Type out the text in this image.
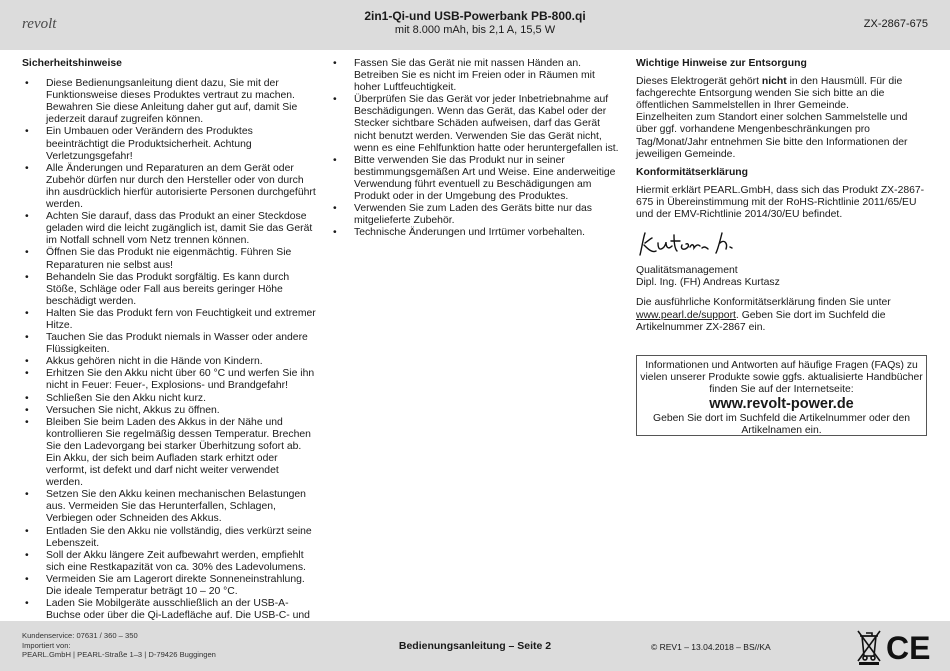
revolt	2in1-Qi-und USB-Powerbank PB-800.qi
mit 8.000 mAh, bis 2,1 A, 15,5 W	ZX-2867-675
Sicherheitshinweise
• Diese Bedienungsanleitung dient dazu, Sie mit der Funktionsweise dieses Produktes vertraut zu machen. Bewahren Sie diese Anleitung daher gut auf, damit Sie jederzeit darauf zugreifen können.
• Ein Umbauen oder Verändern des Produktes beeinträchtigt die Produktsicherheit. Achtung Verletzungsgefahr!
• Alle Änderungen und Reparaturen an dem Gerät oder Zubehör dürfen nur durch den Hersteller oder von durch ihn ausdrücklich hierfür autorisierte Personen durchgeführt werden.
• Achten Sie darauf, dass das Produkt an einer Steckdose geladen wird die leicht zugänglich ist, damit Sie das Gerät im Notfall schnell vom Netz trennen können.
• Öffnen Sie das Produkt nie eigenmächtig. Führen Sie Reparaturen nie selbst aus!
• Behandeln Sie das Produkt sorgfältig. Es kann durch Stöße, Schläge oder Fall aus bereits geringer Höhe beschädigt werden.
• Halten Sie das Produkt fern von Feuchtigkeit und extremer Hitze.
• Tauchen Sie das Produkt niemals in Wasser oder andere Flüssigkeiten.
• Akkus gehören nicht in die Hände von Kindern.
• Erhitzen Sie den Akku nicht über 60 °C und werfen Sie ihn nicht in Feuer: Feuer-, Explosions- und Brandgefahr!
• Schließen Sie den Akku nicht kurz.
• Versuchen Sie nicht, Akkus zu öffnen.
• Bleiben Sie beim Laden des Akkus in der Nähe und kontrollieren Sie regelmäßig dessen Temperatur. Brechen Sie den Ladevorgang bei starker Überhitzung sofort ab. Ein Akku, der sich beim Aufladen stark erhitzt oder verformt, ist defekt und darf nicht weiter verwendet werden.
• Setzen Sie den Akku keinen mechanischen Belastungen aus. Vermeiden Sie das Herunterfallen, Schlagen, Verbiegen oder Schneiden des Akkus.
• Entladen Sie den Akku nie vollständig, dies verkürzt seine Lebenszeit.
• Soll der Akku längere Zeit aufbewahrt werden, empfiehlt sich eine Restkapazität von ca. 30% des Ladevolumens.
• Vermeiden Sie am Lagerort direkte Sonneneinstrahlung. Die ideale Temperatur beträgt 10 – 20 °C.
• Laden Sie Mobilgeräte ausschließlich an der USB-A-Buchse oder über die Qi-Ladefläche auf. Die USB-C- und
• Fassen Sie das Gerät nie mit nassen Händen an. Betreiben Sie es nicht im Freien oder in Räumen mit hoher Luftfeuchtigkeit.
• Überprüfen Sie das Gerät vor jeder Inbetriebnahme auf Beschädigungen. Wenn das Gerät, das Kabel oder der Stecker sichtbare Schäden aufweisen, darf das Gerät nicht benutzt werden. Verwenden Sie das Gerät nicht, wenn es eine Fehlfunktion hatte oder heruntergefallen ist.
• Bitte verwenden Sie das Produkt nur in seiner bestimmungsgemäßen Art und Weise. Eine anderweitige Verwendung führt eventuell zu Beschädigungen am Produkt oder in der Umgebung des Produktes.
• Verwenden Sie zum Laden des Geräts bitte nur das mitgelieferte Zubehör.
• Technische Änderungen und Irrtümer vorbehalten.
Wichtige Hinweise zur Entsorgung
Dieses Elektrogerät gehört nicht in den Hausmüll. Für die fachgerechte Entsorgung wenden Sie sich bitte an die öffentlichen Sammelstellen in Ihrer Gemeinde.
Einzelheiten zum Standort einer solchen Sammelstelle und über ggf. vorhandene Mengenbeschränkungen pro Tag/Monat/Jahr entnehmen Sie bitte den Informationen der jeweiligen Gemeinde.
Konformitätserklärung
Hiermit erklärt PEARL.GmbH, dass sich das Produkt ZX-2867-675 in Übereinstimmung mit der RoHS-Richtlinie 2011/65/EU und der EMV-Richtlinie 2014/30/EU befindet.
Qualitätsmanagement
Dipl. Ing. (FH) Andreas Kurtasz
Die ausführliche Konformitätserklärung finden Sie unter www.pearl.de/support. Geben Sie dort im Suchfeld die Artikelnummer ZX-2867 ein.
Informationen und Antworten auf häufige Fragen (FAQs) zu vielen unserer Produkte sowie ggfs. aktualisierte Handbücher finden Sie auf der Internetseite:
www.revolt-power.de
Geben Sie dort im Suchfeld die Artikelnummer oder den Artikelnamen ein.
Kundenservice: 07631 / 360 – 350
Importiert von:
PEARL.GmbH | PEARL-Straße 1–3 | D-79426 Buggingen
Bedienungsanleitung – Seite 2	© REV1 – 13.04.2018 – BS//KA	CE
